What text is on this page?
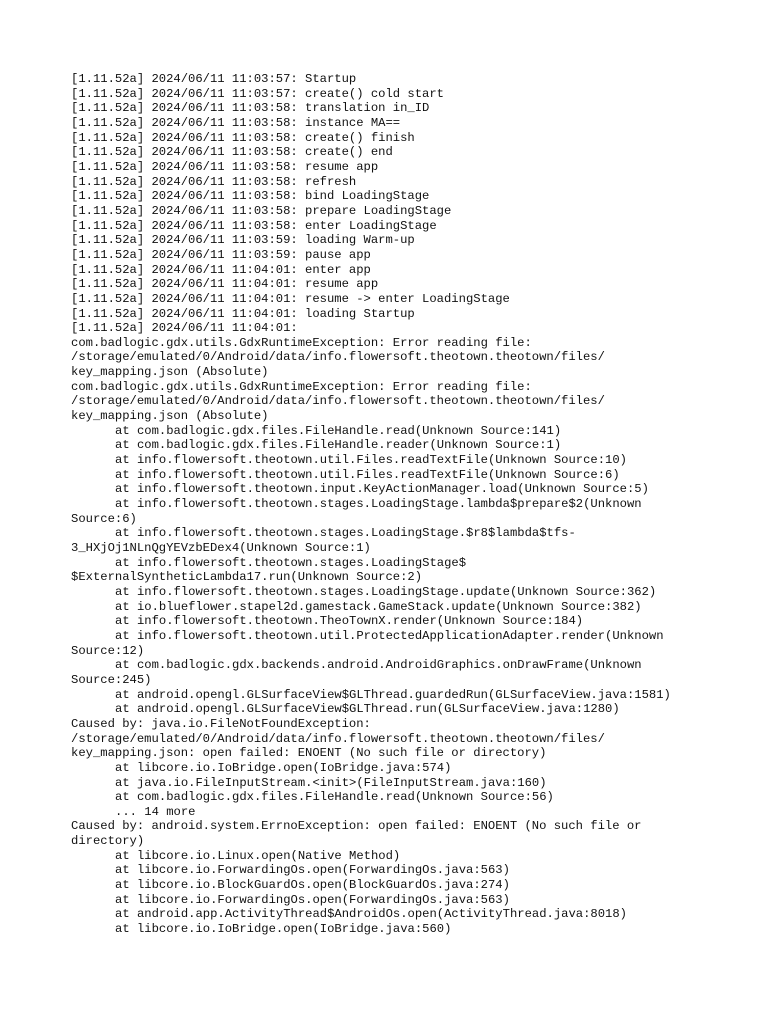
[1.11.52a] 2024/06/11 11:03:57: Startup
[1.11.52a] 2024/06/11 11:03:57: create() cold start
[1.11.52a] 2024/06/11 11:03:58: translation in_ID
[1.11.52a] 2024/06/11 11:03:58: instance MA==
[1.11.52a] 2024/06/11 11:03:58: create() finish
[1.11.52a] 2024/06/11 11:03:58: create() end
[1.11.52a] 2024/06/11 11:03:58: resume app
[1.11.52a] 2024/06/11 11:03:58: refresh
[1.11.52a] 2024/06/11 11:03:58: bind LoadingStage
[1.11.52a] 2024/06/11 11:03:58: prepare LoadingStage
[1.11.52a] 2024/06/11 11:03:58: enter LoadingStage
[1.11.52a] 2024/06/11 11:03:59: loading Warm-up
[1.11.52a] 2024/06/11 11:03:59: pause app
[1.11.52a] 2024/06/11 11:04:01: enter app
[1.11.52a] 2024/06/11 11:04:01: resume app
[1.11.52a] 2024/06/11 11:04:01: resume -> enter LoadingStage
[1.11.52a] 2024/06/11 11:04:01: loading Startup
[1.11.52a] 2024/06/11 11:04:01:
com.badlogic.gdx.utils.GdxRuntimeException: Error reading file:
/storage/emulated/0/Android/data/info.flowersoft.theotown.theotown/files/
key_mapping.json (Absolute)
com.badlogic.gdx.utils.GdxRuntimeException: Error reading file:
/storage/emulated/0/Android/data/info.flowersoft.theotown.theotown/files/
key_mapping.json (Absolute)
at com.badlogic.gdx.files.FileHandle.read(Unknown Source:141)
at com.badlogic.gdx.files.FileHandle.reader(Unknown Source:1)
at info.flowersoft.theotown.util.Files.readTextFile(Unknown Source:10)
at info.flowersoft.theotown.util.Files.readTextFile(Unknown Source:6)
at info.flowersoft.theotown.input.KeyActionManager.load(Unknown Source:5)
at info.flowersoft.theotown.stages.LoadingStage.lambda$prepare$2(Unknown
Source:6)
at info.flowersoft.theotown.stages.LoadingStage.$r8$lambda$tfs-
3_HXjOj1NLnQgYEVzbEDex4(Unknown Source:1)
at info.flowersoft.theotown.stages.LoadingStage$
$ExternalSyntheticLambda17.run(Unknown Source:2)
at info.flowersoft.theotown.stages.LoadingStage.update(Unknown Source:362)
at io.blueflower.stapel2d.gamestack.GameStack.update(Unknown Source:382)
at info.flowersoft.theotown.TheoTownX.render(Unknown Source:184)
at info.flowersoft.theotown.util.ProtectedApplicationAdapter.render(Unknown
Source:12)
at com.badlogic.gdx.backends.android.AndroidGraphics.onDrawFrame(Unknown
Source:245)
at android.opengl.GLSurfaceView$GLThread.guardedRun(GLSurfaceView.java:1581)
at android.opengl.GLSurfaceView$GLThread.run(GLSurfaceView.java:1280)
Caused by: java.io.FileNotFoundException:
/storage/emulated/0/Android/data/info.flowersoft.theotown.theotown/files/
key_mapping.json: open failed: ENOENT (No such file or directory)
at libcore.io.IoBridge.open(IoBridge.java:574)
at java.io.FileInputStream.<init>(FileInputStream.java:160)
at com.badlogic.gdx.files.FileHandle.read(Unknown Source:56)
... 14 more
Caused by: android.system.ErrnoException: open failed: ENOENT (No such file or
directory)
at libcore.io.Linux.open(Native Method)
at libcore.io.ForwardingOs.open(ForwardingOs.java:563)
at libcore.io.BlockGuardOs.open(BlockGuardOs.java:274)
at libcore.io.ForwardingOs.open(ForwardingOs.java:563)
at android.app.ActivityThread$AndroidOs.open(ActivityThread.java:8018)
at libcore.io.IoBridge.open(IoBridge.java:560)
